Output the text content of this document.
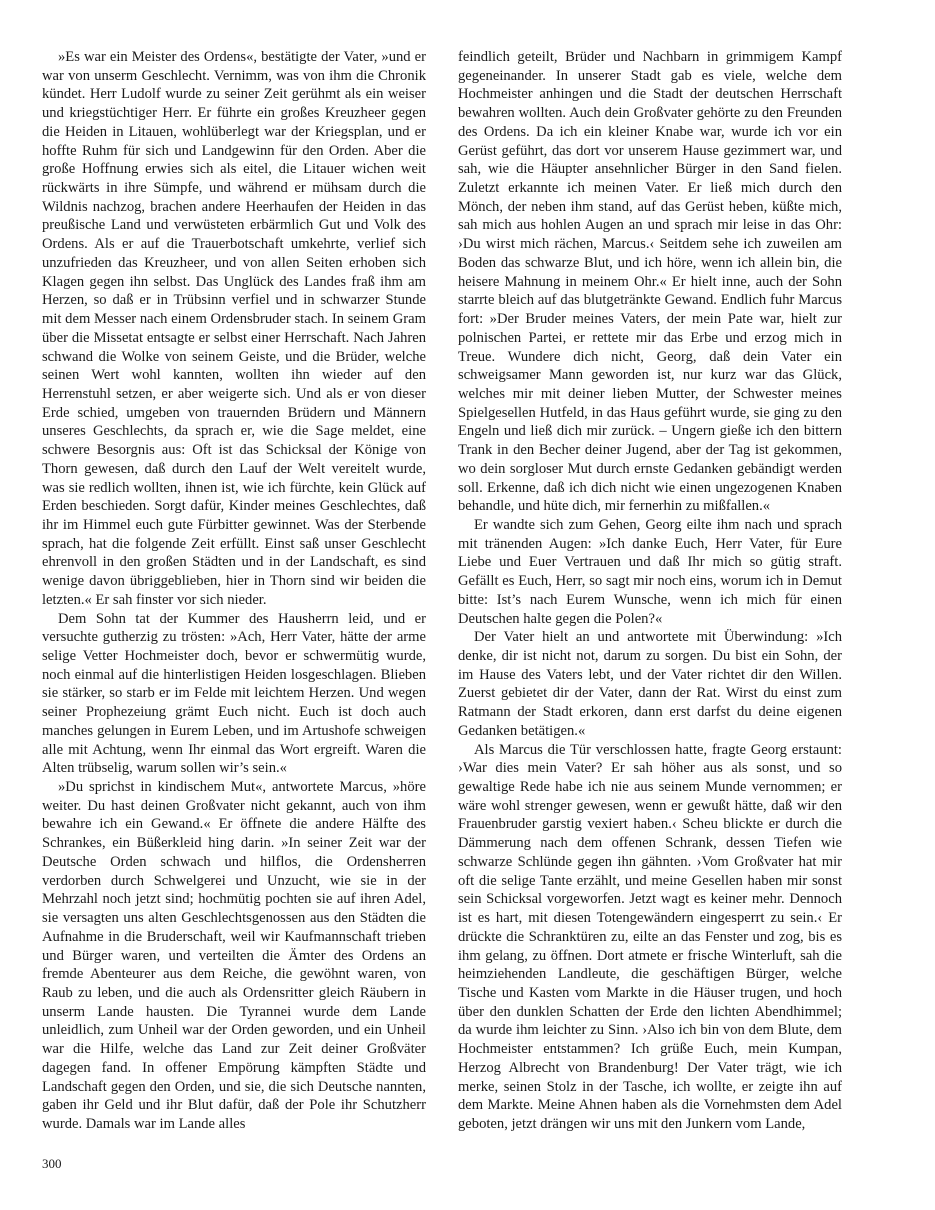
»Es war ein Meister des Ordens«, bestätigte der Vater, »und er war von unserm Geschlecht. Vernimm, was von ihm die Chronik kündet. Herr Ludolf wurde zu seiner Zeit gerühmt als ein weiser und kriegstüchtiger Herr. Er führte ein großes Kreuzheer gegen die Heiden in Litauen, wohlüberlegt war der Kriegsplan, und er hoffte Ruhm für sich und Landgewinn für den Orden. Aber die große Hoffnung erwies sich als eitel, die Litauer wichen weit rückwärts in ihre Sümpfe, und während er mühsam durch die Wildnis nachzog, brachen andere Heerhaufen der Heiden in das preußische Land und verwüsteten erbärmlich Gut und Volk des Ordens. Als er auf die Trauerbotschaft umkehrte, verlief sich unzufrieden das Kreuzheer, und von allen Seiten erhoben sich Klagen gegen ihn selbst. Das Unglück des Landes fraß ihm am Herzen, so daß er in Trübsinn verfiel und in schwarzer Stunde mit dem Messer nach einem Ordensbruder stach. In seinem Gram über die Missetat entsagte er selbst einer Herrschaft. Nach Jahren schwand die Wolke von seinem Geiste, und die Brüder, welche seinen Wert wohl kannten, wollten ihn wieder auf den Herrenstuhl setzen, er aber weigerte sich. Und als er von dieser Erde schied, umgeben von trauernden Brüdern und Männern unseres Geschlechts, da sprach er, wie die Sage meldet, eine schwere Besorgnis aus: Oft ist das Schicksal der Könige von Thorn gewesen, daß durch den Lauf der Welt vereitelt wurde, was sie redlich wollten, ihnen ist, wie ich fürchte, kein Glück auf Erden beschieden. Sorgt dafür, Kinder meines Geschlechtes, daß ihr im Himmel euch gute Fürbitter gewinnet. Was der Sterbende sprach, hat die folgende Zeit erfüllt. Einst saß unser Geschlecht ehrenvoll in den großen Städten und in der Landschaft, es sind wenige davon übriggeblieben, hier in Thorn sind wir beiden die letzten.« Er sah finster vor sich nieder.

Dem Sohn tat der Kummer des Hausherrn leid, und er versuchte gutherzig zu trösten: »Ach, Herr Vater, hätte der arme selige Vetter Hochmeister doch, bevor er schwermütig wurde, noch einmal auf die hinterlistigen Heiden losgeschlagen. Blieben sie stärker, so starb er im Felde mit leichtem Herzen. Und wegen seiner Prophezeiung grämt Euch nicht. Euch ist doch auch manches gelungen in Eurem Leben, und im Artushofe schweigen alle mit Achtung, wenn Ihr einmal das Wort ergreift. Waren die Alten trübselig, warum sollen wir’s sein.«

»Du sprichst in kindischem Mut«, antwortete Marcus, »höre weiter. Du hast deinen Großvater nicht gekannt, auch von ihm bewahre ich ein Gewand.« Er öffnete die andere Hälfte des Schrankes, ein Büßerkleid hing darin. »In seiner Zeit war der Deutsche Orden schwach und hilflos, die Ordensherren verdorben durch Schwelgerei und Unzucht, wie sie in der Mehrzahl noch jetzt sind; hochmütig pochten sie auf ihren Adel, sie versagten uns alten Geschlechtsgenossen aus den Städten die Aufnahme in die Bruderschaft, weil wir Kaufmannschaft trieben und Bürger waren, und verteilten die Ämter des Ordens an fremde Abenteurer aus dem Reiche, die gewöhnt waren, von Raub zu leben, und die auch als Ordensritter gleich Räubern in unserm Lande hausten. Die Tyrannei wurde dem Lande unleidlich, zum Unheil war der Orden geworden, und ein Unheil war die Hilfe, welche das Land zur Zeit deiner Großväter dagegen fand. In offener Empörung kämpften Städte und Landschaft gegen den Orden, und sie, die sich Deutsche nannten, gaben ihr Geld und ihr Blut dafür, daß der Pole ihr Schutzherr wurde. Damals war im Lande alles

feindlich geteilt, Brüder und Nachbarn in grimmigem Kampf gegeneinander. In unserer Stadt gab es viele, welche dem Hochmeister anhingen und die Stadt der deutschen Herrschaft bewahren wollten. Auch dein Großvater gehörte zu den Freunden des Ordens. Da ich ein kleiner Knabe war, wurde ich vor ein Gerüst geführt, das dort vor unserem Hause gezimmert war, und sah, wie die Häupter ansehnlicher Bürger in den Sand fielen. Zuletzt erkannte ich meinen Vater. Er ließ mich durch den Mönch, der neben ihm stand, auf das Gerüst heben, küßte mich, sah mich aus hohlen Augen an und sprach mir leise in das Ohr: ›Du wirst mich rächen, Marcus.‹ Seitdem sehe ich zuweilen am Boden das schwarze Blut, und ich höre, wenn ich allein bin, die heisere Mahnung in meinem Ohr.« Er hielt inne, auch der Sohn starrte bleich auf das blutgetränkte Gewand. Endlich fuhr Marcus fort: »Der Bruder meines Vaters, der mein Pate war, hielt zur polnischen Partei, er rettete mir das Erbe und erzog mich in Treue. Wundere dich nicht, Georg, daß dein Vater ein schweigsamer Mann geworden ist, nur kurz war das Glück, welches mir mit deiner lieben Mutter, der Schwester meines Spielgesellen Hutfeld, in das Haus geführt wurde, sie ging zu den Engeln und ließ dich mir zurück. – Ungern gieße ich den bittern Trank in den Becher deiner Jugend, aber der Tag ist gekommen, wo dein sorgloser Mut durch ernste Gedanken gebändigt werden soll. Erkenne, daß ich dich nicht wie einen ungezogenen Knaben behandle, und hüte dich, mir fernerhin zu mißfallen.«

Er wandte sich zum Gehen, Georg eilte ihm nach und sprach mit tränenden Augen: »Ich danke Euch, Herr Vater, für Eure Liebe und Euer Vertrauen und daß Ihr mich so gütig straft. Gefällt es Euch, Herr, so sagt mir noch eins, worum ich in Demut bitte: Ist’s nach Eurem Wunsche, wenn ich mich für einen Deutschen halte gegen die Polen?«

Der Vater hielt an und antwortete mit Überwindung: »Ich denke, dir ist nicht not, darum zu sorgen. Du bist ein Sohn, der im Hause des Vaters lebt, und der Vater richtet dir den Willen. Zuerst gebietet dir der Vater, dann der Rat. Wirst du einst zum Ratmann der Stadt erkoren, dann erst darfst du deine eigenen Gedanken betätigen.«

Als Marcus die Tür verschlossen hatte, fragte Georg erstaunt: ›War dies mein Vater? Er sah höher aus als sonst, und so gewaltige Rede habe ich nie aus seinem Munde vernommen; er wäre wohl strenger gewesen, wenn er gewußt hätte, daß wir den Frauenbruder garstig vexiert haben.‹ Scheu blickte er durch die Dämmerung nach dem offenen Schrank, dessen Tiefen wie schwarze Schlünde gegen ihn gähnten. ›Vom Großvater hat mir oft die selige Tante erzählt, und meine Gesellen haben mir sonst sein Schicksal vorgeworfen. Jetzt wagt es keiner mehr. Dennoch ist es hart, mit diesen Totengewändern eingesperrt zu sein.‹ Er drückte die Schranktüren zu, eilte an das Fenster und zog, bis es ihm gelang, zu öffnen. Dort atmete er frische Winterluft, sah die heimziehenden Landleute, die geschäftigen Bürger, welche Tische und Kasten vom Markte in die Häuser trugen, und hoch über den dunklen Schatten der Erde den lichten Abendhimmel; da wurde ihm leichter zu Sinn. ›Also ich bin von dem Blute, dem Hochmeister entstammen? Ich grüße Euch, mein Kumpan, Herzog Albrecht von Brandenburg! Der Vater trägt, wie ich merke, seinen Stolz in der Tasche, ich wollte, er zeigte ihn auf dem Markte. Meine Ahnen haben als die Vornehmsten dem Adel geboten, jetzt drängen wir uns mit den Junkern vom Lande,

300
